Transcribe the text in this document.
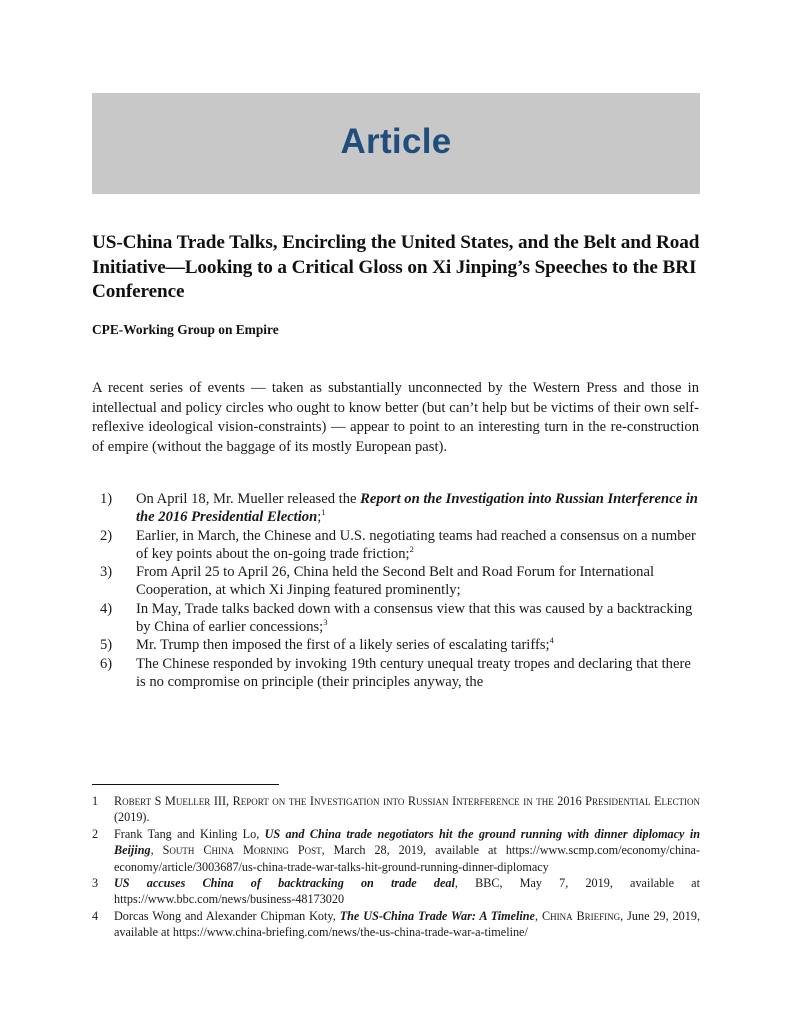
Article
US-China Trade Talks, Encircling the United States, and the Belt and Road Initiative—Looking to a Critical Gloss on Xi Jinping’s Speeches to the BRI Conference
CPE-Working Group on Empire
A recent series of events — taken as substantially unconnected by the Western Press and those in intellectual and policy circles who ought to know better (but can’t help but be victims of their own self-reflexive ideological vision-constraints) — appear to point to an interesting turn in the re-construction of empire (without the baggage of its mostly European past).
1) On April 18, Mr. Mueller released the Report on the Investigation into Russian Interference in the 2016 Presidential Election;$^1$
2) Earlier, in March, the Chinese and U.S. negotiating teams had reached a consensus on a number of key points about the on-going trade friction;$^2$
3) From April 25 to April 26, China held the Second Belt and Road Forum for International Cooperation, at which Xi Jinping featured prominently;
4) In May, Trade talks backed down with a consensus view that this was caused by a backtracking by China of earlier concessions;$^3$
5) Mr. Trump then imposed the first of a likely series of escalating tariffs;$^4$
6) The Chinese responded by invoking 19th century unequal treaty tropes and declaring that there is no compromise on principle (their principles anyway, the
1 Robert S Mueller III, Report on the Investigation into Russian Interference in the 2016 Presidential Election (2019).
2 Frank Tang and Kinling Lo, US and China trade negotiators hit the ground running with dinner diplomacy in Beijing, South China Morning Post, March 28, 2019, available at https://www.scmp.com/economy/china-economy/article/3003687/us-china-trade-war-talks-hit-ground-running-dinner-diplomacy
3 US accuses China of backtracking on trade deal, BBC, May 7, 2019, available at
https://www.bbc.com/news/business-48173020
4 Dorcas Wong and Alexander Chipman Koty, The US-China Trade War: A Timeline, China Briefing, June 29, 2019, available at https://www.china-briefing.com/news/the-us-china-trade-war-a-timeline/
